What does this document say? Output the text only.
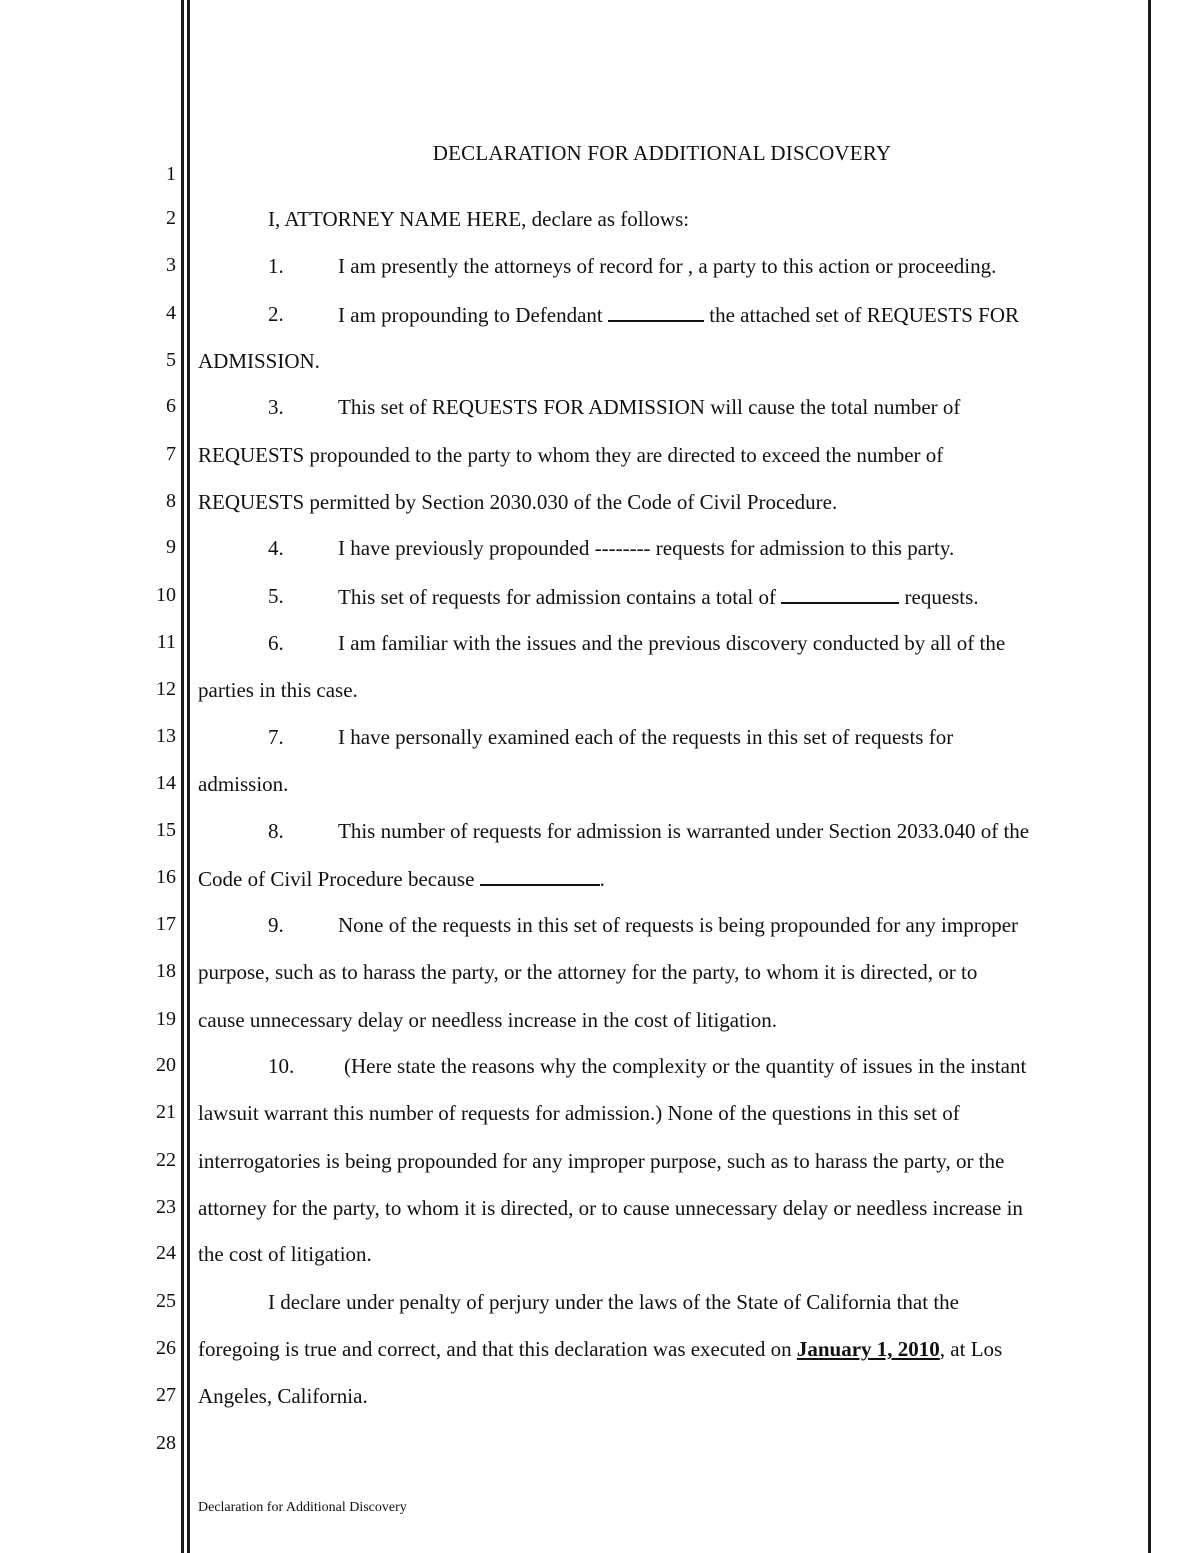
1
2
3
4
5
6
7
8
9
10
11
12
13
14
15
16
17
18
19
20
21
22
23
24
25
26
27
28
DECLARATION FOR ADDITIONAL DISCOVERY
I, ATTORNEY NAME HERE, declare as follows:
1.	I am presently the attorneys of record for , a party to this action or proceeding.
2.	I am propounding to Defendant	the attached set of REQUESTS FOR
ADMISSION.
3.	This set of REQUESTS FOR ADMISSION will cause the total number of
REQUESTS propounded to the party to whom they are directed to exceed the number of
REQUESTS permitted by Section 2030.030 of the Code of Civil Procedure.
4.	I have previously propounded -------- requests for admission to this party.
5.	This set of requests for admission contains a total of	requests.
6.	I am familiar with the issues and the previous discovery conducted by all of the
parties in this case.
7.	I have personally examined each of the requests in this set of requests for
admission.
8.	This number of requests for admission is warranted under Section 2033.040 of the
Code of Civil Procedure because	.
9.	None of the requests in this set of requests is being propounded for any improper
purpose, such as to harass the party, or the attorney for the party, to whom it is directed, or to
cause unnecessary delay or needless increase in the cost of litigation.
10. (Here state the reasons why the complexity or the quantity of issues in the instant
lawsuit warrant this number of requests for admission.) None of the questions in this set of
interrogatories is being propounded for any improper purpose, such as to harass the party, or the
attorney for the party, to whom it is directed, or to cause unnecessary delay or needless increase in
the cost of litigation.
I declare under penalty of perjury under the laws of the State of California that the
foregoing is true and correct, and that this declaration was executed on January 1, 2010, at Los
Angeles, California.
Declaration for Additional Discovery
